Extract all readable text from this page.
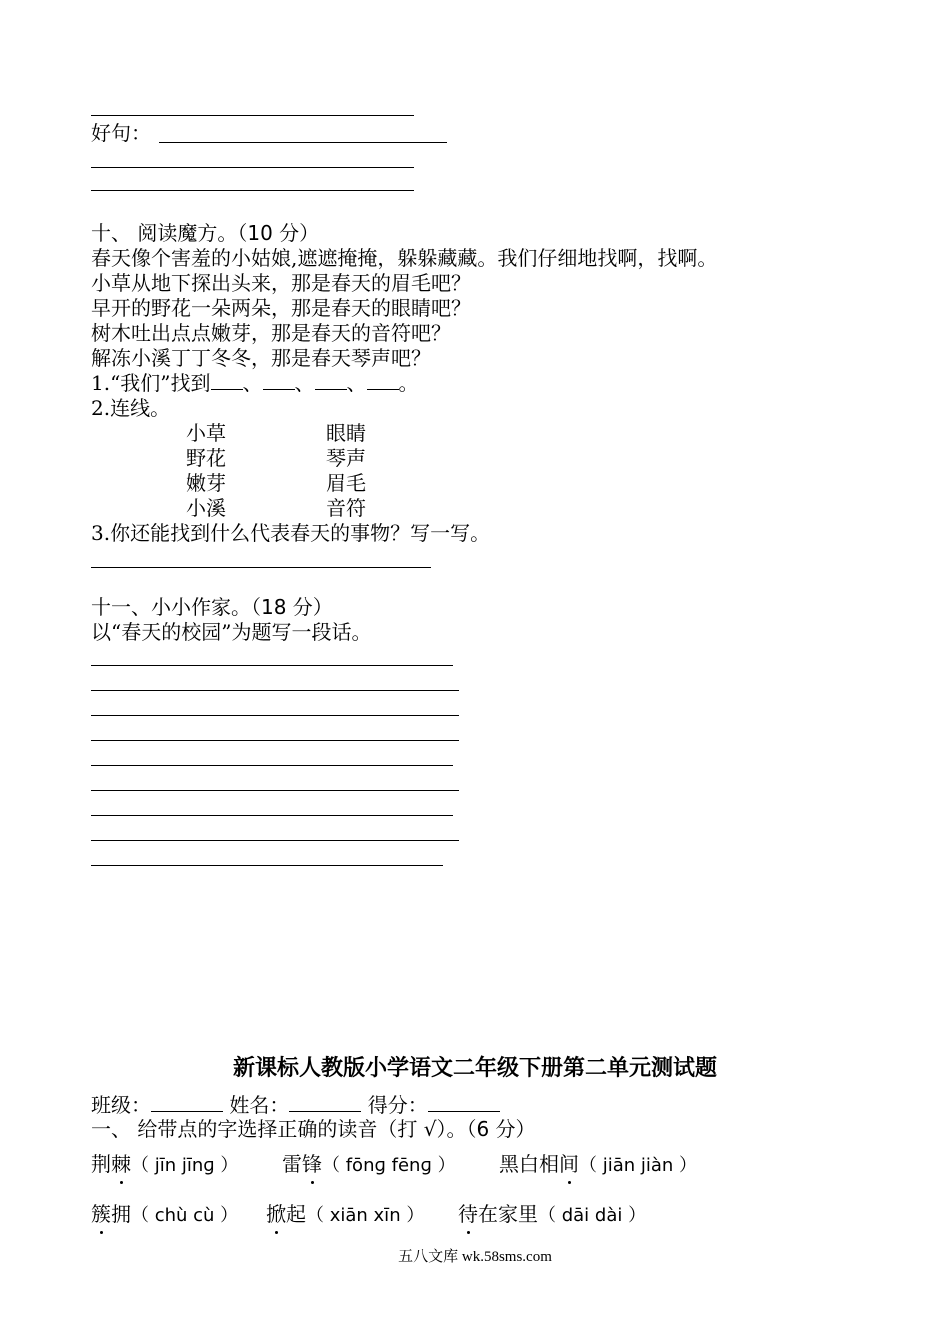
好句：
十、 阅读魔方。（10 分）
春天像个害羞的小姑娘,遮遮掩掩，躲躲藏藏。我们仔细地找啊，找啊。
小草从地下探出头来，那是春天的眉毛吧？
早开的野花一朵两朵，那是春天的眼睛吧？
树木吐出点点嫩芽，那是春天的音符吧？
解冻小溪丁丁冬冬，那是春天琴声吧？
1.“我们”找到 、 、 、 。
2.连线。
小草
野花
嫩芽
小溪
眼睛
琴声
眉毛
音符
3.你还能找到什么代表春天的事物？写一写。
十一、小小作家。（18 分）
以“春天的校园”为题写一段话。
新课标人教版小学语文二年级下册第二单元测试题
班级：	姓名：	得分：
一、 给带点的字选择正确的读音（打 √）。（6 分）
荆棘（ jīn jīnɡ ） 雷锋（ fōnɡ fēnɡ ） 黑白相间（ jiān jiàn ）
簇拥（ chù cù ） 掀起（ xiān xīn ） 待在家里（ dāi dài ）
五八文库 wk.58sms.com
